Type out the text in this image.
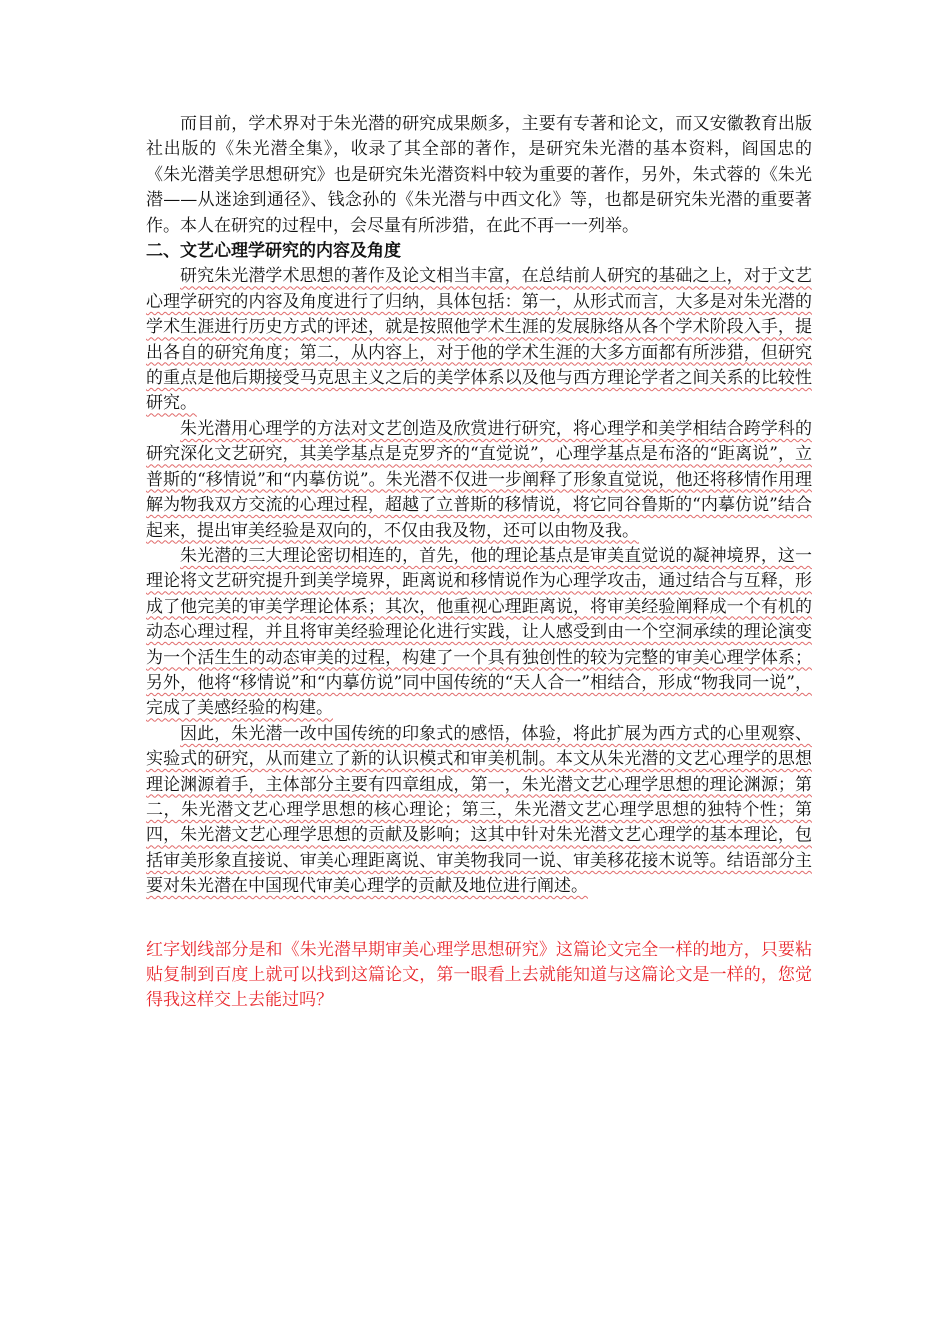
而目前，学术界对于朱光潜的研究成果颇多，主要有专著和论文，而又安徽教育出版社出版的《朱光潜全集》，收录了其全部的著作，是研究朱光潜的基本资料，阎国忠的《朱光潜美学思想研究》也是研究朱光潜资料中较为重要的著作，另外，朱式蓉的《朱光潜——从迷途到通径》、钱念孙的《朱光潜与中西文化》等，也都是研究朱光潜的重要著作。本人在研究的过程中，会尽量有所涉猎，在此不再一一列举。

二、文艺心理学研究的内容及角度

研究朱光潜学术思想的著作及论文相当丰富，在总结前人研究的基础之上，对于文艺心理学研究的内容及角度进行了归纳，具体包括：第一，从形式而言，大多是对朱光潜的学术生涯进行历史方式的评述，就是按照他学术生涯的发展脉络从各个学术阶段入手，提出各自的研究角度；第二，从内容上，对于他的学术生涯的大多方面都有所涉猎，但研究的重点是他后期接受马克思主义之后的美学体系以及他与西方理论学者之间关系的比较性研究。

朱光潜用心理学的方法对文艺创造及欣赏进行研究，将心理学和美学相结合跨学科的研究深化文艺研究，其美学基点是克罗齐的“直觉说”，心理学基点是布洛的“距离说”，立普斯的“移情说”和“内摹仿说”。朱光潜不仅进一步阐释了形象直觉说，他还将移情作用理解为物我双方交流的心理过程，超越了立普斯的移情说，将它同谷鲁斯的“内摹仿说”结合起来，提出审美经验是双向的，不仅由我及物，还可以由物及我。

朱光潜的三大理论密切相连的，首先，他的理论基点是审美直觉说的凝神境界，这一理论将文艺研究提升到美学境界，距离说和移情说作为心理学攻击，通过结合与互释，形成了他完美的审美学理论体系；其次，他重视心理距离说，将审美经验阐释成一个有机的动态心理过程，并且将审美经验理论化进行实践，让人感受到由一个空洞承续的理论演变为一个活生生的动态审美的过程，构建了一个具有独创性的较为完整的审美心理学体系；另外，他将“移情说”和“内摹仿说”同中国传统的“天人合一”相结合，形成“物我同一说”，完成了美感经验的构建。

因此，朱光潜一改中国传统的印象式的感悟，体验，将此扩展为西方式的心里观察、实验式的研究，从而建立了新的认识模式和审美机制。本文从朱光潜的文艺心理学的思想理论渊源着手，主体部分主要有四章组成，第一，朱光潜文艺心理学思想的理论渊源；第二，朱光潜文艺心理学思想的核心理论；第三，朱光潜文艺心理学思想的独特个性；第四，朱光潜文艺心理学思想的贡献及影响；这其中针对朱光潜文艺心理学的基本理论，包括审美形象直接说、审美心理距离说、审美物我同一说、审美移花接木说等。结语部分主要对朱光潜在中国现代审美心理学的贡献及地位进行阐述。

红字划线部分是和《朱光潜早期审美心理学思想研究》这篇论文完全一样的地方，只要粘贴复制到百度上就可以找到这篇论文，第一眼看上去就能知道与这篇论文是一样的，您觉得我这样交上去能过吗？
